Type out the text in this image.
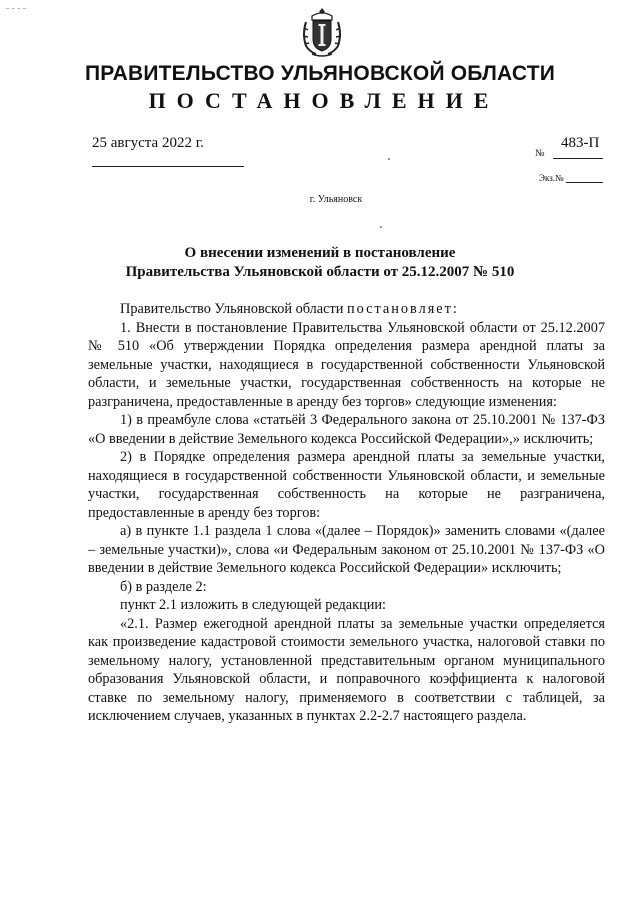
ПРАВИТЕЛЬСТВО УЛЬЯНОВСКОЙ ОБЛАСТИ
ПОСТАНОВЛЕНИЕ
25 августа 2022 г.	483-П
№
Экз.№
г. Ульяновск
О внесении изменений в постановление
Правительства Ульяновской области от 25.12.2007 № 510

Правительство Ульяновской области постановляет:

1. Внести в постановление Правительства Ульяновской области от 25.12.2007 № 510 «Об утверждении Порядка определения размера арендной платы за земельные участки, находящиеся в государственной собственности Ульяновской области, и земельные участки, государственная собственность на которые не разграничена, предоставленные в аренду без торгов» следующие изменения:

1) в преамбуле слова «статьёй 3 Федерального закона от 25.10.2001 № 137-ФЗ «О введении в действие Земельного кодекса Российской Федерации»,» исключить;

2) в Порядке определения размера арендной платы за земельные участки, находящиеся в государственной собственности Ульяновской области, и земельные участки, государственная собственность на которые не разграничена, предоставленные в аренду без торгов:

а) в пункте 1.1 раздела 1 слова «(далее – Порядок)» заменить словами «(далее – земельные участки)», слова «и Федеральным законом от 25.10.2001 № 137-ФЗ «О введении в действие Земельного кодекса Российской Федерации» исключить;

б) в разделе 2:

пункт 2.1 изложить в следующей редакции:

«2.1. Размер ежегодной арендной платы за земельные участки определяется как произведение кадастровой стоимости земельного участка, налоговой ставки по земельному налогу, установленной представительным органом муниципального образования Ульяновской области, и поправочного коэффициента к налоговой ставке по земельному налогу, применяемого в соответствии с таблицей, за исключением случаев, указанных в пунктах 2.2-2.7 настоящего раздела.
